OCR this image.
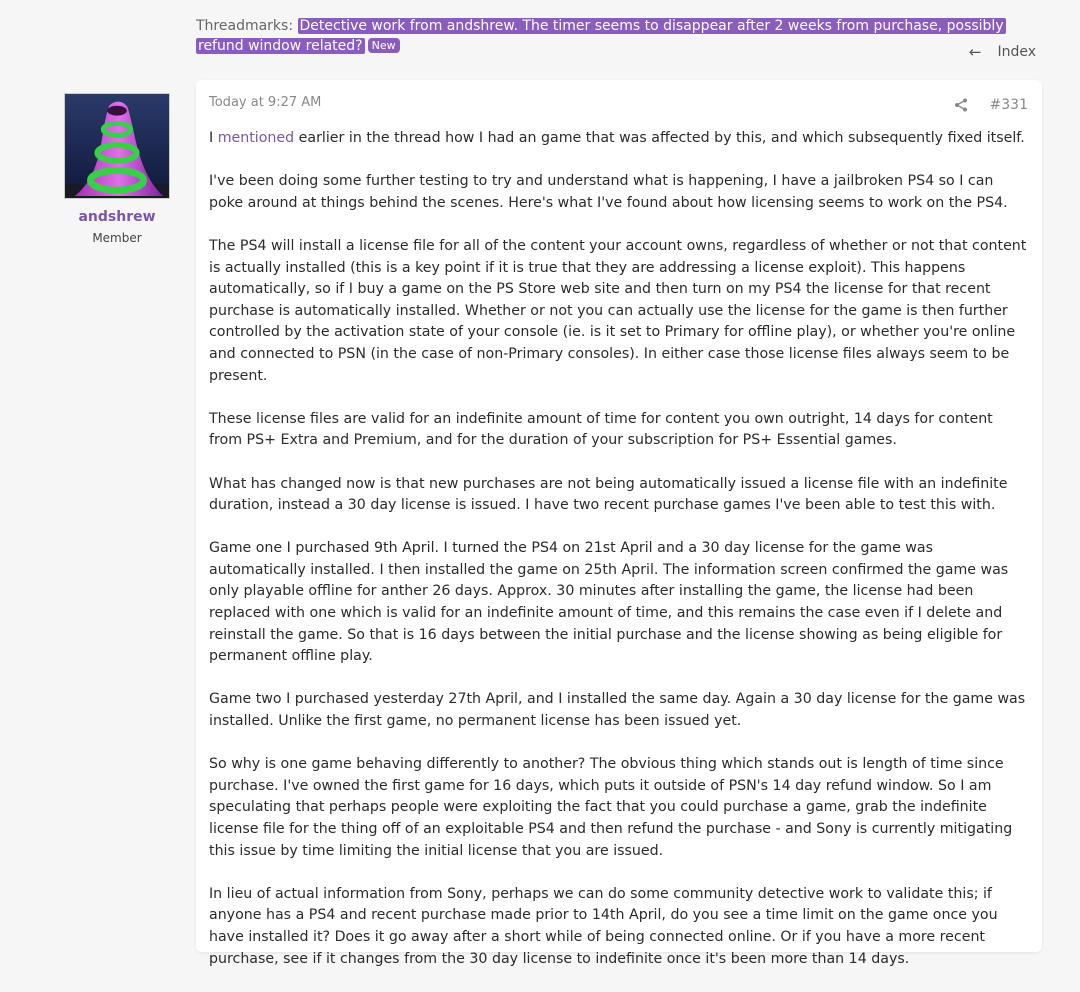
Threadmarks: Detective work from andshrew. The timer seems to disappear after 2 weeks from purchase, possibly refund window related? New	← Index
andshrew
Member
Today at 9:27 AM	#331

I mentioned earlier in the thread how I had an game that was affected by this, and which subsequently fixed itself.

I've been doing some further testing to try and understand what is happening, I have a jailbroken PS4 so I can poke around at things behind the scenes. Here's what I've found about how licensing seems to work on the PS4.

The PS4 will install a license file for all of the content your account owns, regardless of whether or not that content is actually installed (this is a key point if it is true that they are addressing a license exploit). This happens automatically, so if I buy a game on the PS Store web site and then turn on my PS4 the license for that recent purchase is automatically installed. Whether or not you can actually use the license for the game is then further controlled by the activation state of your console (ie. is it set to Primary for offline play), or whether you're online and connected to PSN (in the case of non-Primary consoles). In either case those license files always seem to be present.

These license files are valid for an indefinite amount of time for content you own outright, 14 days for content from PS+ Extra and Premium, and for the duration of your subscription for PS+ Essential games.

What has changed now is that new purchases are not being automatically issued a license file with an indefinite duration, instead a 30 day license is issued. I have two recent purchase games I've been able to test this with.

Game one I purchased 9th April. I turned the PS4 on 21st April and a 30 day license for the game was automatically installed. I then installed the game on 25th April. The information screen confirmed the game was only playable offline for anther 26 days. Approx. 30 minutes after installing the game, the license had been replaced with one which is valid for an indefinite amount of time, and this remains the case even if I delete and reinstall the game. So that is 16 days between the initial purchase and the license showing as being eligible for permanent offline play.

Game two I purchased yesterday 27th April, and I installed the same day. Again a 30 day license for the game was installed. Unlike the first game, no permanent license has been issued yet.

So why is one game behaving differently to another? The obvious thing which stands out is length of time since purchase. I've owned the first game for 16 days, which puts it outside of PSN's 14 day refund window. So I am speculating that perhaps people were exploiting the fact that you could purchase a game, grab the indefinite license file for the thing off of an exploitable PS4 and then refund the purchase - and Sony is currently mitigating this issue by time limiting the initial license that you are issued.

In lieu of actual information from Sony, perhaps we can do some community detective work to validate this; if anyone has a PS4 and recent purchase made prior to 14th April, do you see a time limit on the game once you have installed it? Does it go away after a short while of being connected online. Or if you have a more recent purchase, see if it changes from the 30 day license to indefinite once it's been more than 14 days.
